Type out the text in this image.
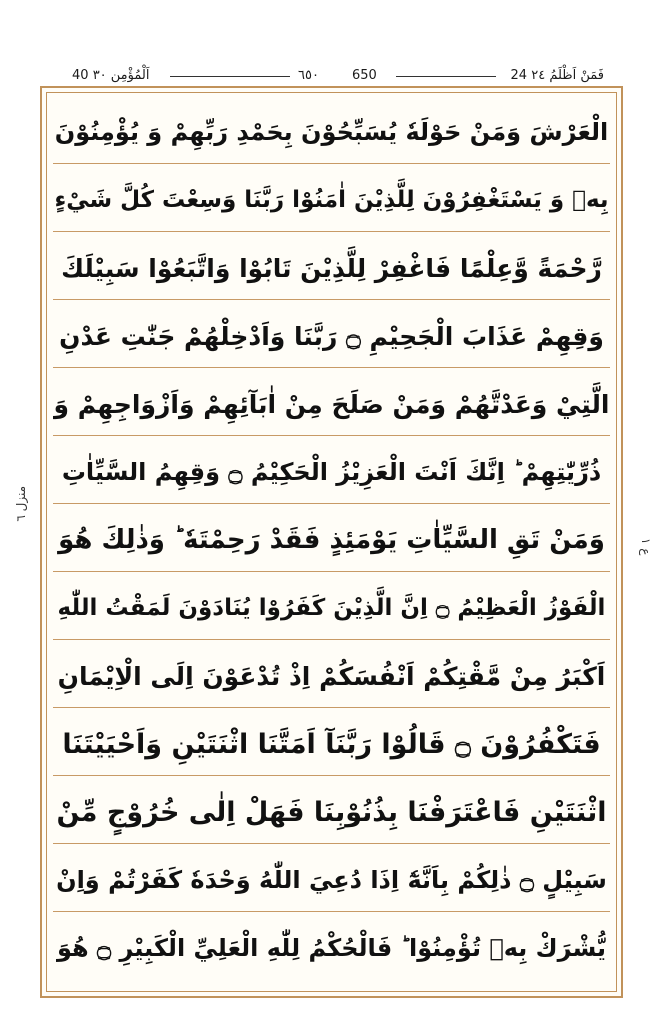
40 اَلْمُؤْمِن ٣٠	٦٥٠	650	24 فَمَنْ اَظْلَمُ ٢٤
منزل ٦
ع ١
الْعَرْشَ وَمَنْ حَوْلَهٗ يُسَبِّحُوْنَ بِحَمْدِ رَبِّهِمْ وَ يُؤْمِنُوْنَ
بِهٖ وَ يَسْتَغْفِرُوْنَ لِلَّذِيْنَ اٰمَنُوْا رَبَّنَا وَسِعْتَ كُلَّ شَيْءٍ
رَّحْمَةً وَّعِلْمًا فَاغْفِرْ لِلَّذِيْنَ تَابُوْا وَاتَّبَعُوْا سَبِيْلَكَ
وَقِهِمْ عَذَابَ الْجَحِيْمِ ۝ رَبَّنَا وَاَدْخِلْهُمْ جَنّٰتِ عَدْنِ
الَّتِيْ وَعَدْتَّهُمْ وَمَنْ صَلَحَ مِنْ اٰبَآئِهِمْ وَاَزْوَاجِهِمْ وَ
ذُرِّيّٰتِهِمْ ؕ اِنَّكَ اَنْتَ الْعَزِيْزُ الْحَكِيْمُ ۝ وَقِهِمُ السَّيِّاٰتِ
وَمَنْ تَقِ السَّيِّاٰتِ يَوْمَئِذٍ فَقَدْ رَحِمْتَهٗ ؕ وَذٰلِكَ هُوَ
الْفَوْزُ الْعَظِيْمُ ۝ اِنَّ الَّذِيْنَ كَفَرُوْا يُنَادَوْنَ لَمَقْتُ اللّٰهِ
اَكْبَرُ مِنْ مَّقْتِكُمْ اَنْفُسَكُمْ اِذْ تُدْعَوْنَ اِلَى الْاِيْمَانِ
فَتَكْفُرُوْنَ ۝ قَالُوْا رَبَّنَآ اَمَتَّنَا اثْنَتَيْنِ وَاَحْيَيْتَنَا
اثْنَتَيْنِ فَاعْتَرَفْنَا بِذُنُوْبِنَا فَهَلْ اِلٰى خُرُوْجٍ مِّنْ
سَبِيْلٍ ۝ ذٰلِكُمْ بِاَنَّهٗٓ اِذَا دُعِيَ اللّٰهُ وَحْدَهٗ كَفَرْتُمْ وَاِنْ
يُّشْرَكْ بِهٖ تُؤْمِنُوْا ؕ فَالْحُكْمُ لِلّٰهِ الْعَلِيِّ الْكَبِيْرِ ۝ هُوَ
